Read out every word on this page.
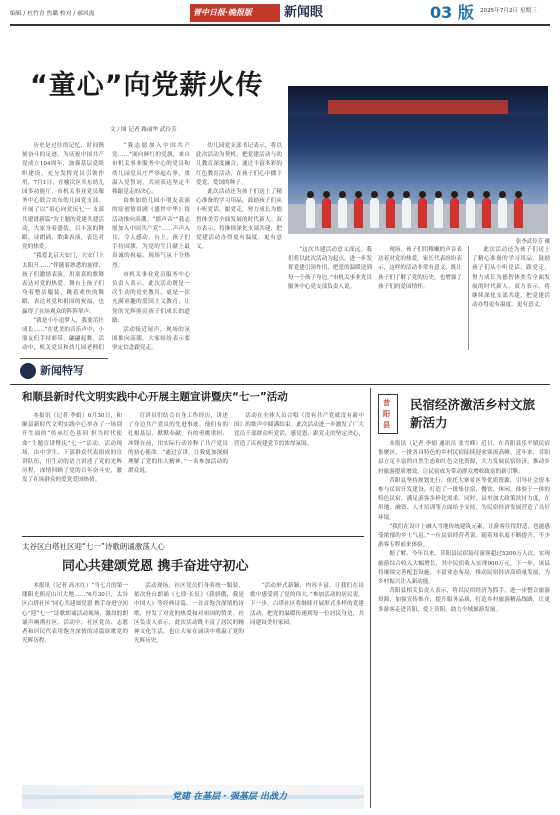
编辑 / 杜竹青 焦璐 校对 / 郝风霞	晋中日报·晚报版	新闻眼	03 版 2025年7月2日 星期三
“童心”向党薪火传
文 / 图 记者 路丽华 武伶芳
张李武伶芳 摄

历史是过往的记忆，时间镌刻奋斗的足迹。为庆祝中国共产党成立104周年，加强基层党组织建设，充分发挥党员引领作用，7月1日，在榆次区夹东幼儿园多功能厅，市机关事业党员服务中心联合夹东幼儿园党支部，开展了以“童心向党庆七一 支部共建谱新篇”为主题的党建共建活动。大家身着盛装，以丰富的舞蹈、诗朗诵、歌曲表演，表达对党的热爱。

“我爱北京天安门，天安门上太阳升……”伴随着熟悉的旋律，孩子们激情表演，用童真的歌舞表达对党的热爱。舞台上孩子们身着整洁服装，跳着欢快的舞蹈，表达对党和祖国的祝福，也赢得了在场观众的阵阵掌声。

“我是小小追梦人，我要茁壮成长……”在优美的音乐声中，小朋友们手持彩带，翩翩起舞。活动中，机关党员和幼儿园老师们

“我志愿加入中国共产党……”面向鲜红的党旗，来自市机关事业服务中心的党员和幼儿园党员庄严举起右拳，重温入党誓词，共同表达坚定不移跟党走的决心。

由参加幼儿园小朋友表演的原创情景剧《盛世中华》将活动推向高潮。“那声音”“我志愿加入中国共产党”……声声入耳，令人感动。台上，孩子们手持国旗，为党的生日献上最真诚的祝福，现场气氛十分热烈。

市机关事业党员服务中心负责人表示，此次活动既是一次生动的党史教育，更是一次充满童趣的爱国主义教育，让党的光辉照亮孩子们成长的道路。

活动接近尾声，现场的氛围推向高潮，大家纷纷表示要坚定信念跟党走。

幼儿园党支部书记表示，将以此次活动为契机，把党建活动与幼儿教育深度融合，通过丰富多彩的红色教育活动，在孩子们心中播下爱党、爱国的种子。

此次活动还为孩子们送上了精心准备的学习用品，鼓励孩子们从小听党话、跟党走，努力成长为德智体美劳全面发展的时代新人。双方表示，将继续深化支部共建，把党建活动办得更有温度、更有意义。	“这次共建活动意义深远。我们将以此次活动为起点，进一步发挥党建引领作用，把党的温暖送到每一个孩子身边。”市机关事业党员服务中心党支部负责人说。

现场，孩子们用稚嫩的声音表达着对党的热爱。家长代表纷纷表示，这样的活动非常有意义，既让孩子们了解了党的历史，也增强了孩子们的爱国情怀。

此次活动还为孩子们送上了精心准备的学习用品，鼓励孩子们从小听党话、跟党走，努力成长为德智体美劳全面发展的时代新人。双方表示，将继续深化支部共建，把党建活动办得更有温度、更有意义。

新闻特写
和顺县新时代文明实践中心开展主题宣讲暨庆“七一”活动
本报讯（记者 李娟）6月30日，和顺县新时代文明实践中心举办了一场别开生面的“传承红色基因 担当时代使命”主题宣讲暨庆“七一”活动。活动现场，由中学生、干部群众代表组成的宣讲队伍，用生动的语言讲述了党的光辉历程，深情回顾了党的百年奋斗史，激发了在场群众的爱党爱国热情。
宣讲员们结合自身工作经历，讲述了身边共产党员的先进事迹。他们有的扎根基层、默默奉献，有的勇挑重担、冲锋在前，用实际行动诠释了共产党员的初心使命。“通过宣讲，让我更加深刻理解了党的伟大精神。”一名参加活动的群众说。
活动在全体人员合唱《没有共产党就没有新中国》的歌声中圆满结束。此次活动进一步激发了广大党员干部群众听党话、感党恩、跟党走的坚定决心，营造了庆祝建党节的浓厚氛围。
太谷区白塔社区迎“七一”诗歌朗诵激荡人心
同心共建颂党恩 携手奋进守初心
本报讯（记者 高水红）“当七月的第一缕阳光照亮山川大地……”6月30日，太谷区白塔社区“同心共建颂党恩 携手奋进守初心”迎“七一”诗歌朗诵活动现场，激昂的朗诵声响彻社区。活动中，社区党员、志愿者和居民代表用饱含深情的诗篇讴歌党的光辉历程。
活动现场，社区党员们身着统一服装，依次登台朗诵《七律·长征》《我骄傲，我是中国人》等经典诗篇，一首首饱含深情的诗歌，抒发了对党的热爱和对祖国的赞美。社区负责人表示，此次活动既丰富了居民的精神文化生活，也让大家在诵读中重温了党的光辉历史。
“活动形式新颖，内容丰富，让我们在诗歌中感受到了党的伟大。”参加活动的居民说。下一步，白塔社区将继续开展形式多样的党建活动，把党的温暖传递到每一位居民身边，共同建设美好家园。
党建 在基层 · 强基层 出战力
昔阳县
民宿经济激活乡村文旅新活力

本报讯（记者 李娟 通讯员 张雪峰）近日，在昔阳县乐平镇民宿集聚区，一批各具特色的乡村民宿陆续迎来客流高峰。近年来，昔阳县立足丰富的自然生态和红色文化资源，大力发展民宿经济，推动乡村旅游提质增效，让民宿成为带动群众增收致富的新引擎。

昔阳县坚持规划先行，依托大寨景区等优质资源，引导社会资本参与民宿开发建设，打造了一批集住宿、餐饮、休闲、体验于一体的特色民宿，满足游客多样化需求。同时，县里加大政策扶持力度，在用地、融资、人才培训等方面给予支持，为民宿经济发展营造了良好环境。

“我们在设计上融入当地传统建筑元素，让游客住得舒适，也能感受浓郁的乡土气息。”一位民宿经营者说。随着知名度不断提升，不少游客专程前来体验。

据了解，今年以来，昔阳县民宿接待游客超过5200万人次，实现旅游综合收入大幅增长，其中民宿收入实现900万元。下一步，该县将继续完善配套设施，丰富业态布局，推动民宿经济高质量发展，为乡村振兴注入新动能。

昔阳县相关负责人表示，将以民宿经济为抓手，进一步整合旅游资源，加强宣传推介，提升服务品质，打造乡村旅游精品线路，让更多游客走进昔阳、爱上昔阳，助力全域旅游发展。
